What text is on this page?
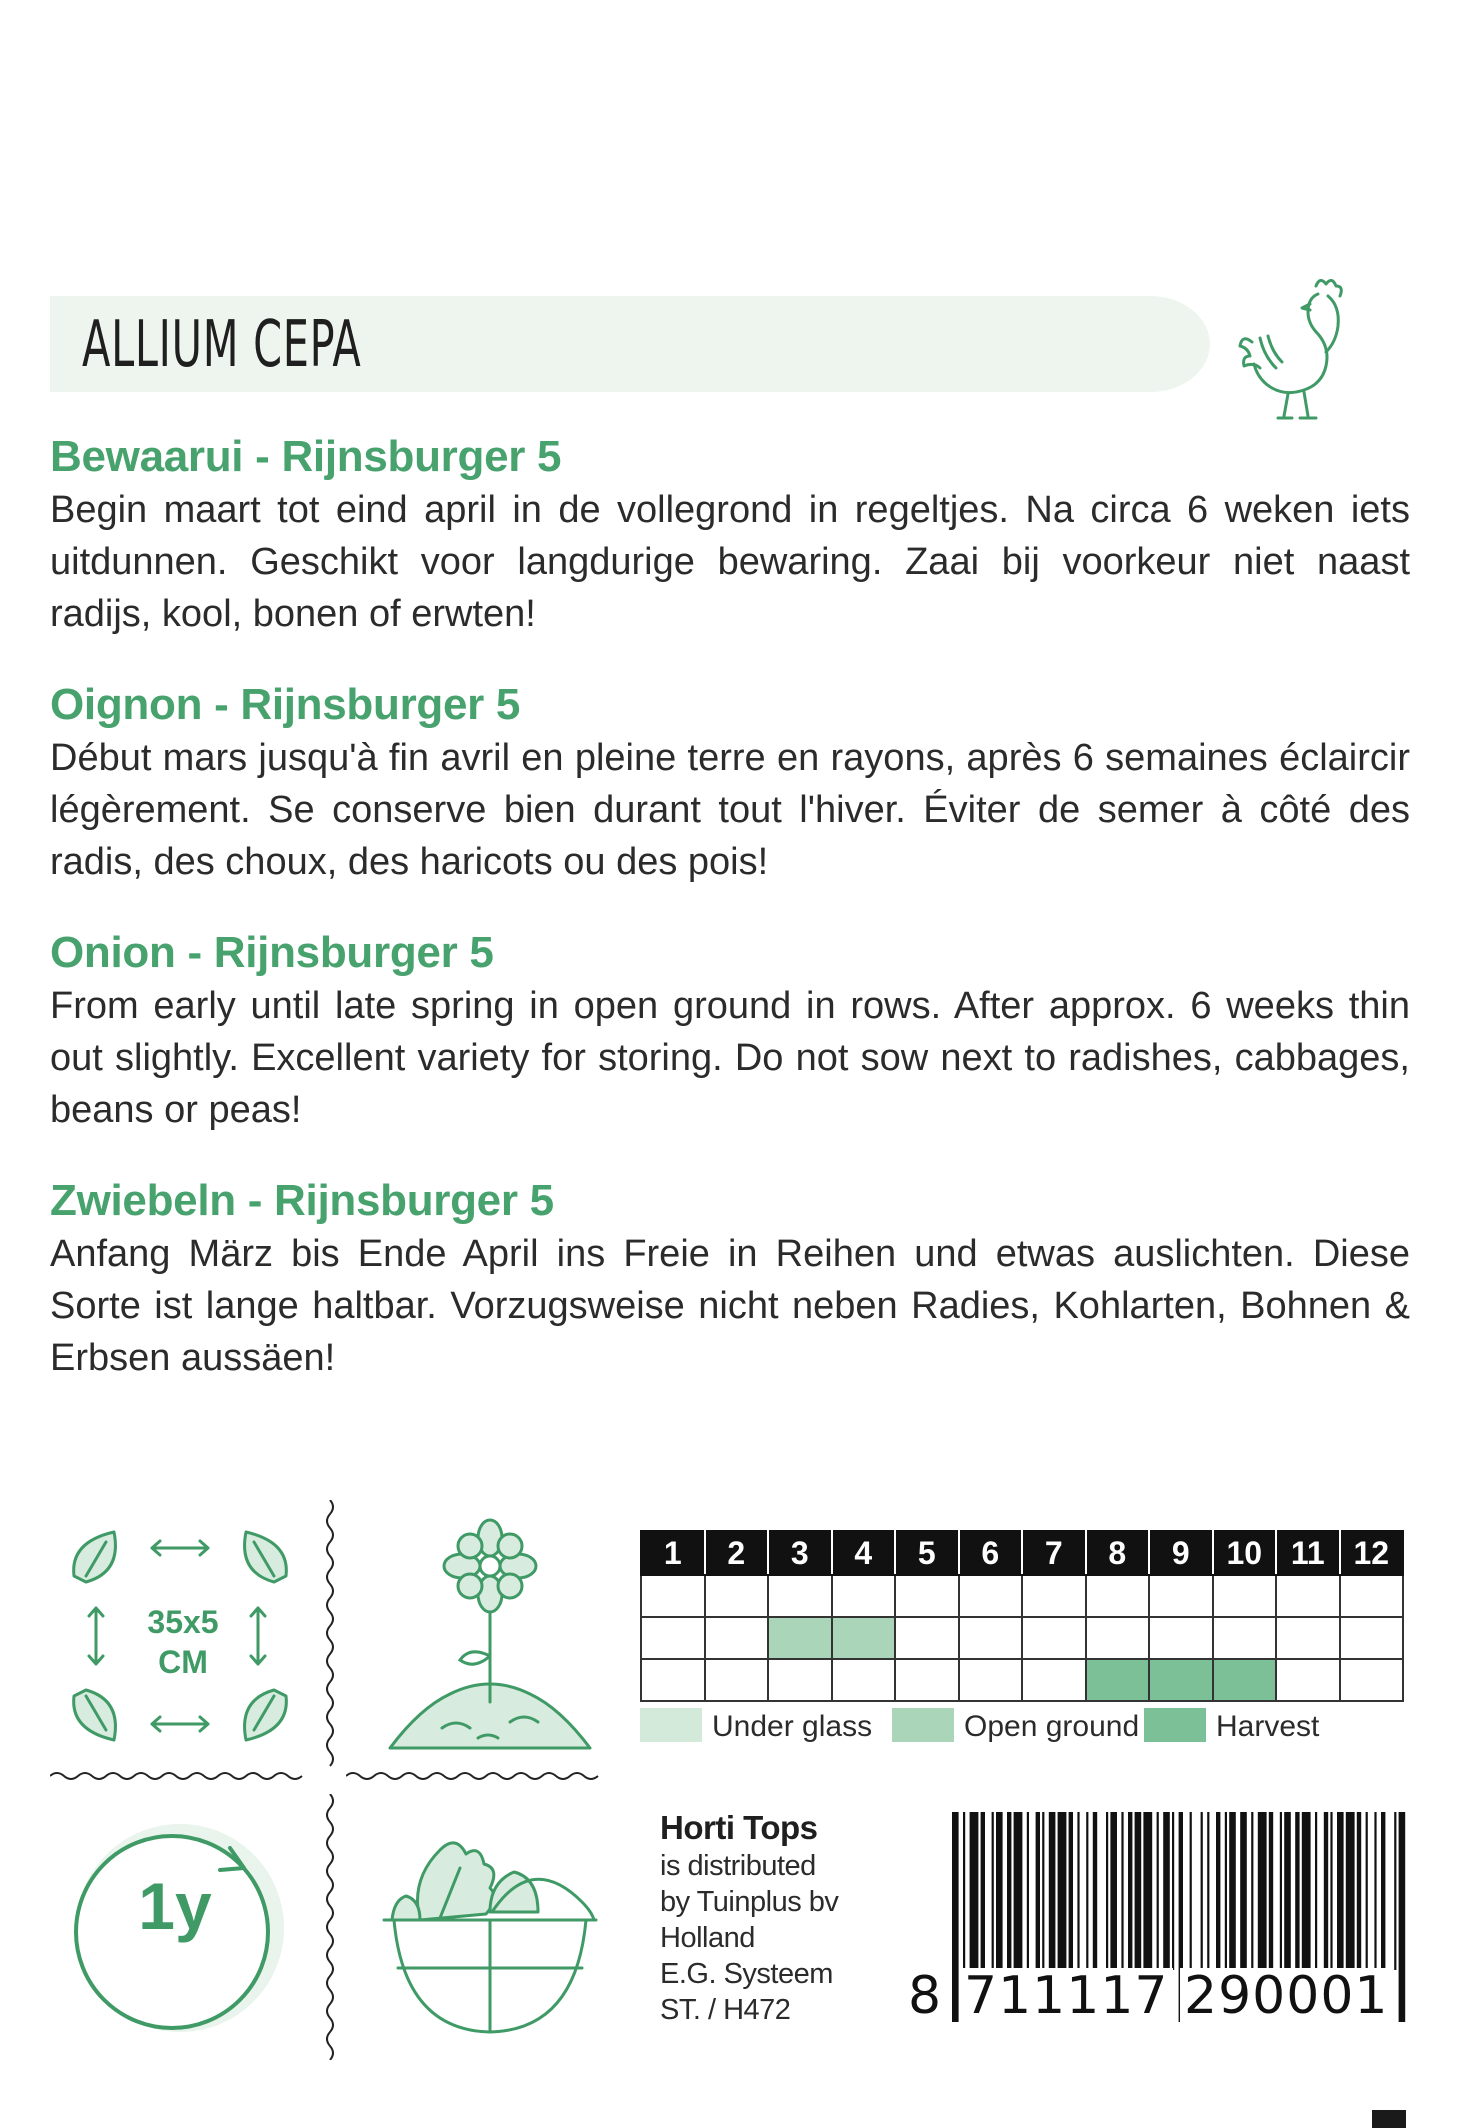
ALLIUM CEPA
Bewaarui - Rijnsburger 5

Begin maart tot eind april in de vollegrond in regeltjes. Na circa 6 weken iets uitdunnen. Geschikt voor langdurige bewaring. Zaai bij voorkeur niet naast radijs, kool, bonen of erwten!

Oignon - Rijnsburger 5

Début mars jusqu'à fin avril en pleine terre en rayons, après 6 semaines éclaircir légèrement. Se conserve bien durant tout l'hiver. Éviter de semer à côté des radis, des choux, des haricots ou des pois!

Onion - Rijnsburger 5

From early until late spring in open ground in rows. After approx. 6 weeks thin out slightly. Excellent variety for storing. Do not sow next to radishes, cabbages, beans or peas!

Zwiebeln - Rijnsburger 5

Anfang März bis Ende April ins Freie in Reihen und etwas auslichten. Diese Sorte ist lange haltbar. Vorzugsweise nicht neben Radies, Kohlarten, Bohnen & Erbsen aussäen!

35x5
CM
1y
1	2	3	4	5	6	7	8	9	10	11	12

Under glass	Open ground	Harvest
Horti Tops
is distributed
by Tuinplus bv
Holland
E.G. Systeem
ST. / H472	8 711117 290001
